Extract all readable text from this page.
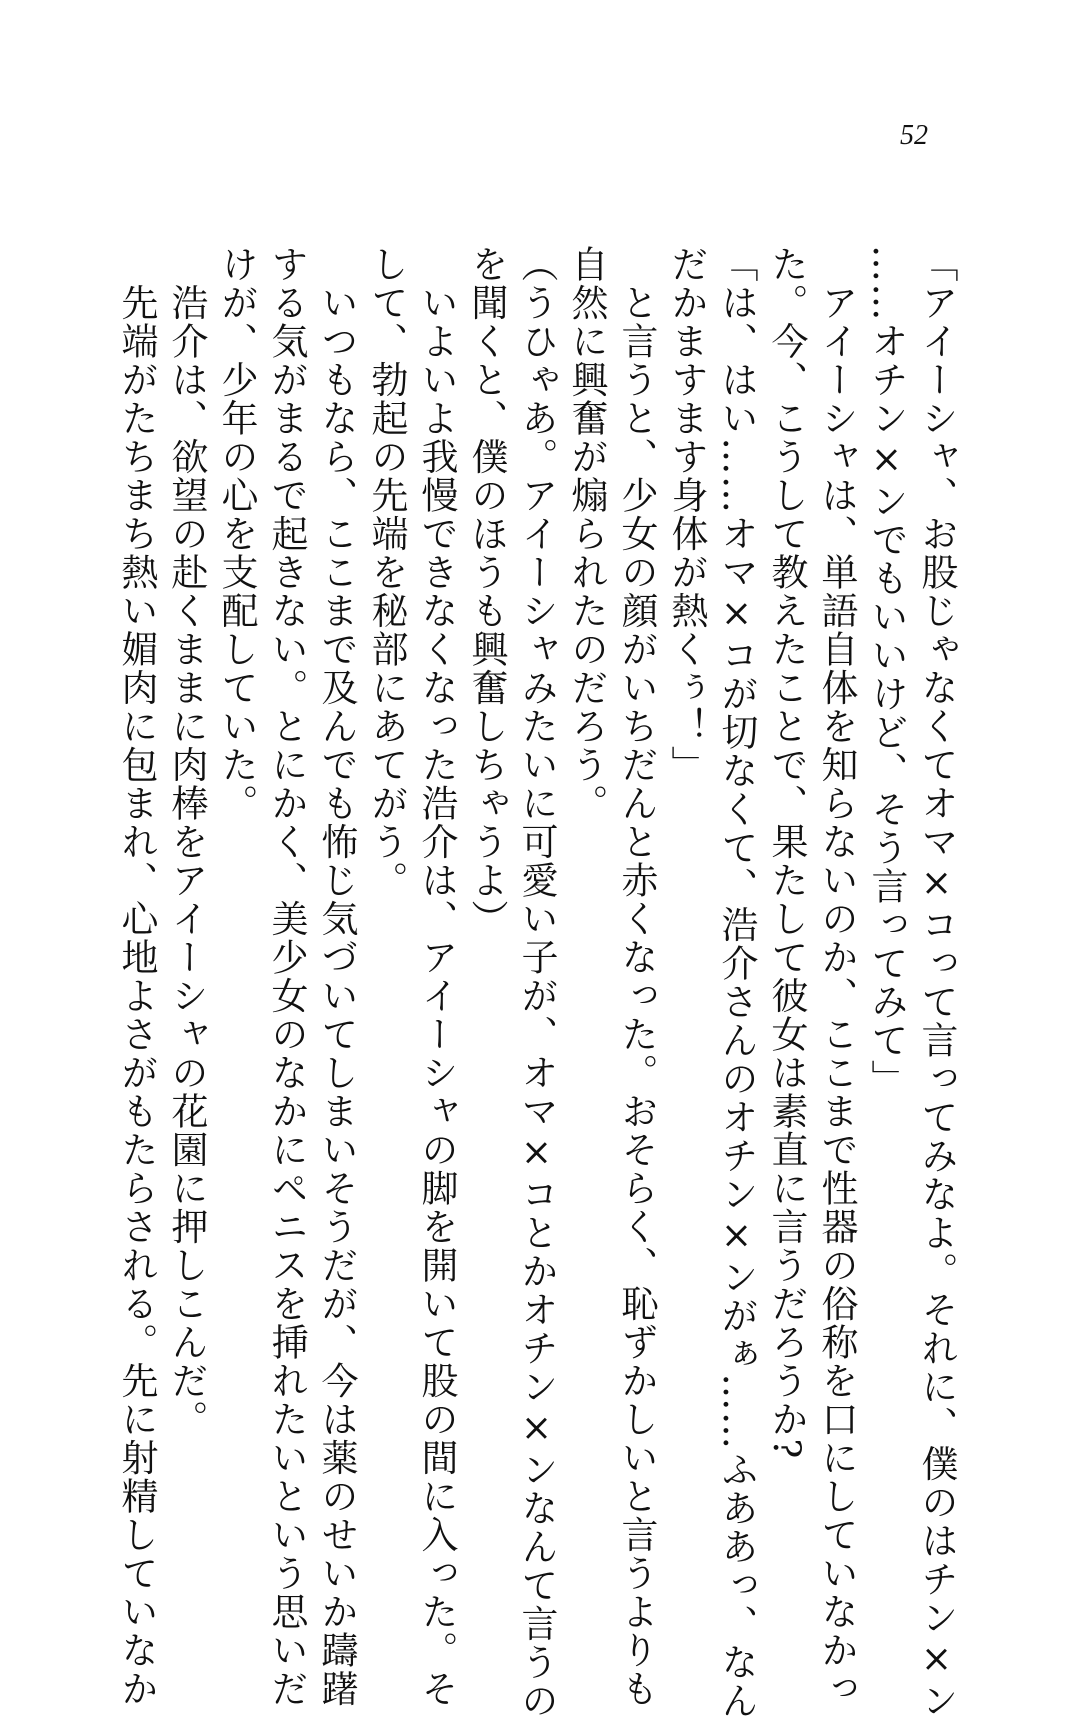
52
「アイーシャ、お股じゃなくてオマ×コって言ってみなよ。それに、僕のはチン×ン
……オチン×ンでもいいけど、そう言ってみて」
　アイーシャは、単語自体を知らないのか、ここまで性器の俗称を口にしていなかっ
た。今、こうして教えたことで、果たして彼女は素直に言うだろうか?
「は、はい……オマ×コが切なくて、浩介さんのオチン×ンがぁ……ふああっ、なん
だかますます身体が熱くぅ！」
　と言うと、少女の顔がいちだんと赤くなった。おそらく、恥ずかしいと言うよりも
自然に興奮が煽られたのだろう。
（うひゃあ。アイーシャみたいに可愛い子が、オマ×コとかオチン×ンなんて言うの
を聞くと、僕のほうも興奮しちゃうよ）
　いよいよ我慢できなくなった浩介は、アイーシャの脚を開いて股の間に入った。そ
して、勃起の先端を秘部にあてがう。
　いつもなら、ここまで及んでも怖じ気づいてしまいそうだが、今は薬のせいか躊躇
する気がまるで起きない。とにかく、美少女のなかにペニスを挿れたいという思いだ
けが、少年の心を支配していた。
　浩介は、欲望の赴くままに肉棒をアイーシャの花園に押しこんだ。
　先端がたちまち熱い媚肉に包まれ、心地よさがもたらされる。先に射精していなか
